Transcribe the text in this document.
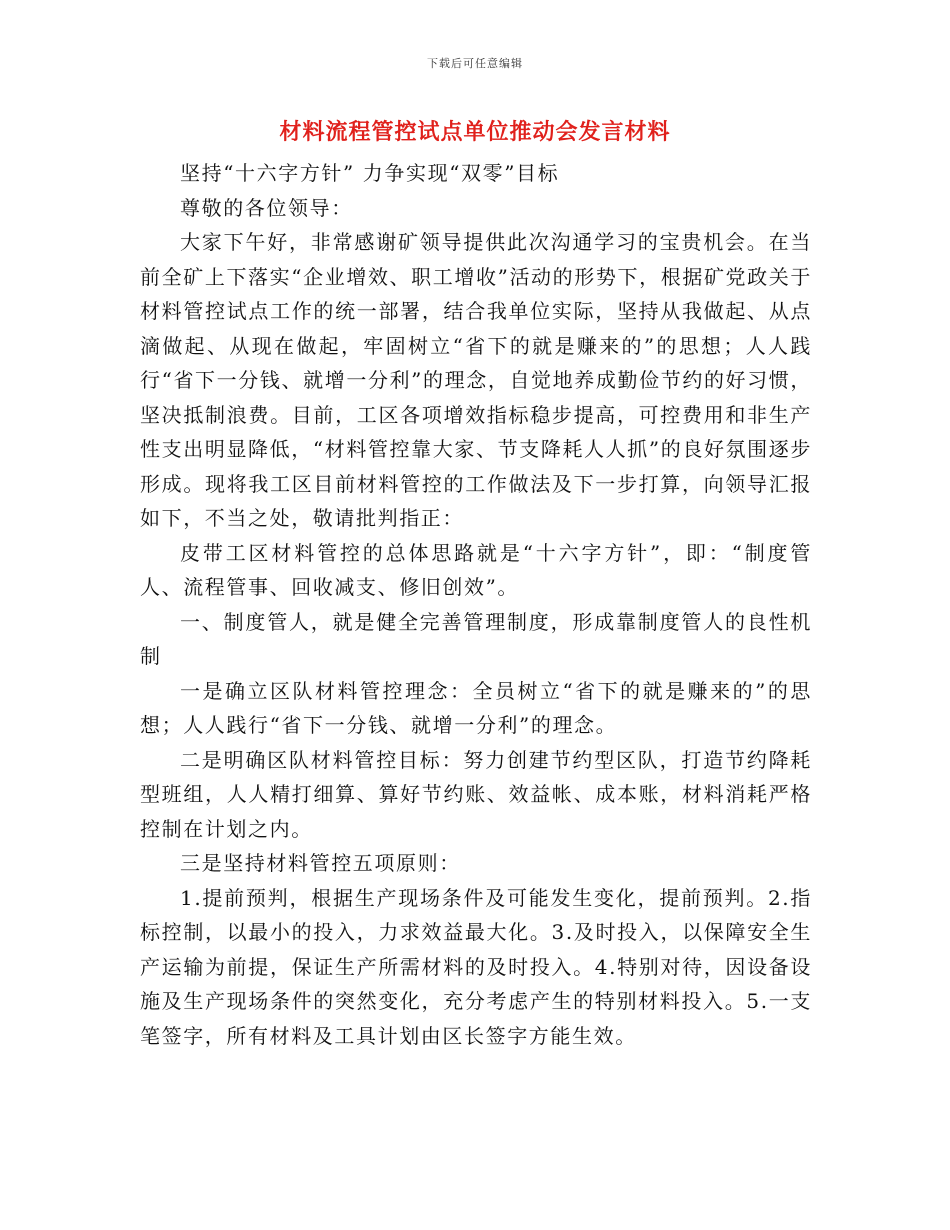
下载后可任意编辑
材料流程管控试点单位推动会发言材料

坚持“十六字方针” 力争实现“双零”目标

尊敬的各位领导：

大家下午好，非常感谢矿领导提供此次沟通学习的宝贵机会。在当前全矿上下落实“企业增效、职工增收”活动的形势下，根据矿党政关于材料管控试点工作的统一部署，结合我单位实际，坚持从我做起、从点滴做起、从现在做起，牢固树立“省下的就是赚来的”的思想；人人践行“省下一分钱、就增一分利”的理念，自觉地养成勤俭节约的好习惯，坚决抵制浪费。目前，工区各项增效指标稳步提高，可控费用和非生产性支出明显降低，“材料管控靠大家、节支降耗人人抓”的良好氛围逐步形成。现将我工区目前材料管控的工作做法及下一步打算，向领导汇报如下，不当之处，敬请批判指正：

皮带工区材料管控的总体思路就是“十六字方针”，即：“制度管人、流程管事、回收减支、修旧创效”。

一、制度管人，就是健全完善管理制度，形成靠制度管人的良性机制

一是确立区队材料管控理念：全员树立“省下的就是赚来的”的思想；人人践行“省下一分钱、就增一分利”的理念。

二是明确区队材料管控目标：努力创建节约型区队，打造节约降耗型班组，人人精打细算、算好节约账、效益帐、成本账，材料消耗严格控制在计划之内。

三是坚持材料管控五项原则：

1.提前预判，根据生产现场条件及可能发生变化，提前预判。2.指标控制，以最小的投入，力求效益最大化。3.及时投入，以保障安全生产运输为前提，保证生产所需材料的及时投入。4.特别对待，因设备设施及生产现场条件的突然变化，充分考虑产生的特别材料投入。5.一支笔签字，所有材料及工具计划由区长签字方能生效。
